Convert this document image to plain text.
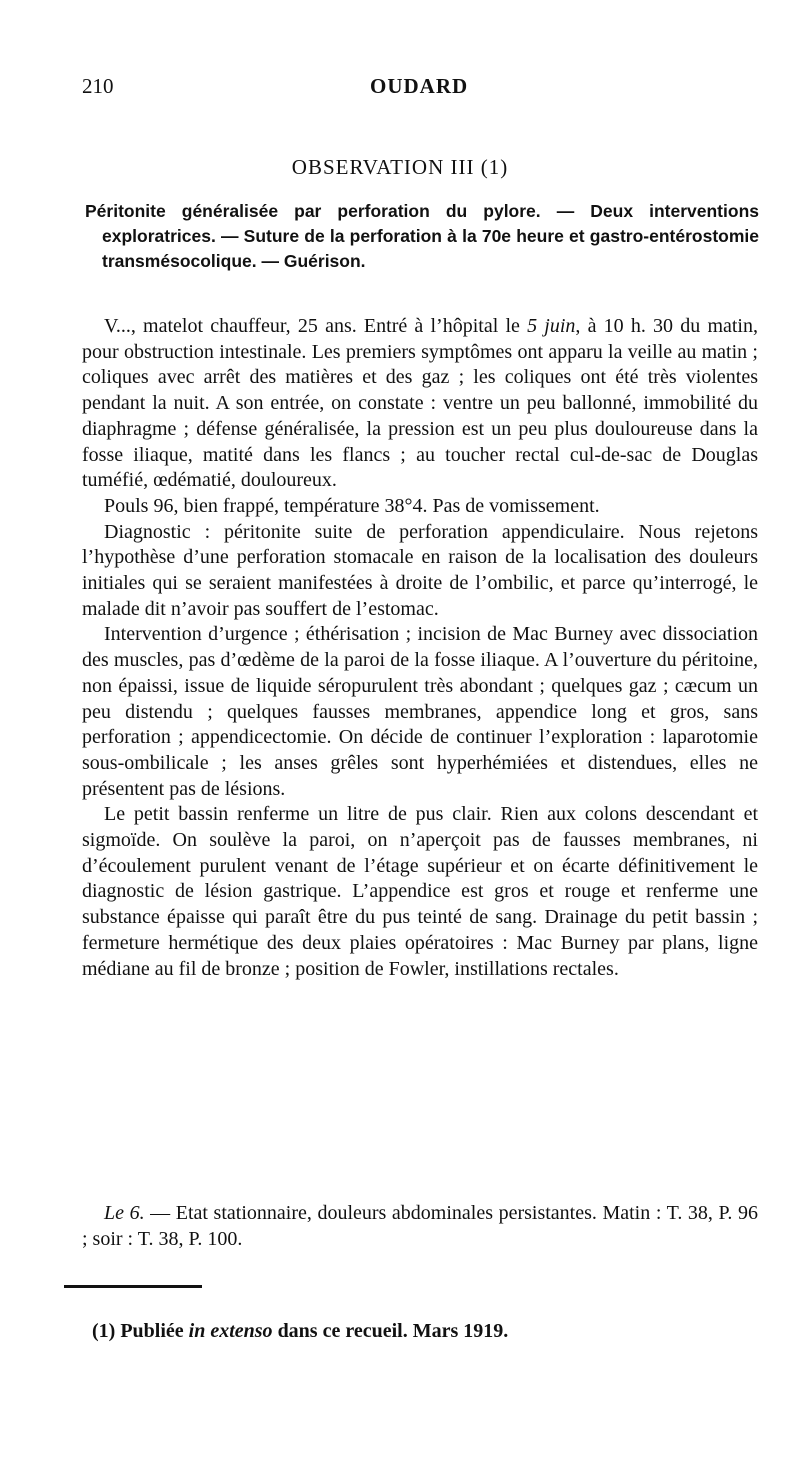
210	OUDARD
OBSERVATION III (1)
Péritonite généralisée par perforation du pylore. — Deux interventions exploratrices. — Suture de la perforation à la 70e heure et gastro-entérostomie transmésocolique. — Guérison.

V..., matelot chauffeur, 25 ans. Entré à l’hôpital le 5 juin, à 10 h. 30 du matin, pour obstruction intestinale. Les premiers symptômes ont apparu la veille au matin ; coliques avec arrêt des matières et des gaz ; les coliques ont été très violentes pendant la nuit. A son entrée, on constate : ventre un peu ballonné, immobilité du diaphragme ; défense généralisée, la pression est un peu plus douloureuse dans la fosse iliaque, matité dans les flancs ; au toucher rectal cul-de-sac de Douglas tuméfié, œdématié, douloureux.

Pouls 96, bien frappé, température 38°4. Pas de vomissement.

Diagnostic : péritonite suite de perforation appendiculaire. Nous rejetons l’hypothèse d’une perforation stomacale en raison de la localisation des douleurs initiales qui se seraient manifestées à droite de l’ombilic, et parce qu’interrogé, le malade dit n’avoir pas souffert de l’estomac.

Intervention d’urgence ; éthérisation ; incision de Mac Burney avec dissociation des muscles, pas d’œdème de la paroi de la fosse iliaque. A l’ouverture du péritoine, non épaissi, issue de liquide séropurulent très abondant ; quelques gaz ; cæcum un peu distendu ; quelques fausses membranes, appendice long et gros, sans perforation ; appendicectomie. On décide de continuer l’exploration : laparotomie sous-ombilicale ; les anses grêles sont hyperhémiées et distendues, elles ne présentent pas de lésions.

Le petit bassin renferme un litre de pus clair. Rien aux colons descendant et sigmoïde. On soulève la paroi, on n’aperçoit pas de fausses membranes, ni d’écoulement purulent venant de l’étage supérieur et on écarte définitivement le diagnostic de lésion gastrique. L’appendice est gros et rouge et renferme une substance épaisse qui paraît être du pus teinté de sang. Drainage du petit bassin ; fermeture hermétique des deux plaies opératoires : Mac Burney par plans, ligne médiane au fil de bronze ; position de Fowler, instillations rectales.

Le 6. — Etat stationnaire, douleurs abdominales persistantes. Matin : T. 38, P. 96 ; soir : T. 38, P. 100.

(1) Publiée in extenso dans ce recueil. Mars 1919.
